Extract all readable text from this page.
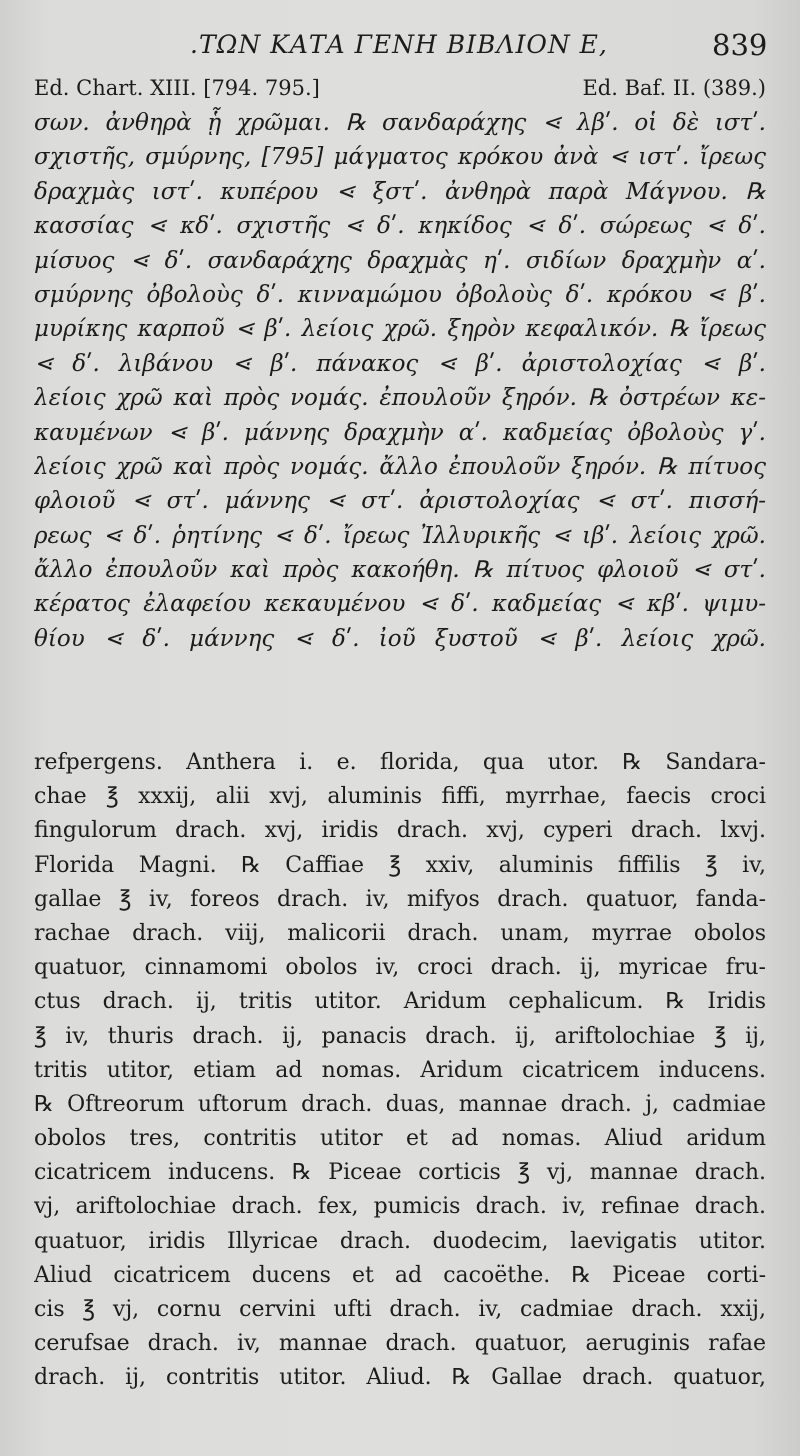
.ΤΩΝ ΚΑΤΑ ΓΕΝΗ ΒΙΒΛΙΟΝ Ε,	839
Ed. Chart. XIII. [794. 795.]	Ed. Baf. II. (389.)
σων. ἀνθηρὰ ᾗ χρῶμαι. ℞ σανδαράχης ⋖ λβʹ. οἱ δὲ ιστʹ.
σχιστῆς, σμύρνης, [795] μάγματος κρόκου ἀνὰ ⋖ ιστʹ. ἴρεως
δραχμὰς ιστʹ. κυπέρου ⋖ ξστʹ. ἀνθηρὰ παρὰ Μάγνου. ℞
κασσίας ⋖ κδʹ. σχιστῆς ⋖ δʹ. κηκίδος ⋖ δʹ. σώρεως ⋖ δʹ.
μίσυος ⋖ δʹ. σανδαράχης δραχμὰς ηʹ. σιδίων δραχμὴν αʹ.
σμύρνης ὀβολοὺς δʹ. κινναμώμου ὀβολοὺς δʹ. κρόκου ⋖ βʹ.
μυρίκης καρποῦ ⋖ βʹ. λείοις χρῶ. ξηρὸν κεφαλικόν. ℞ ἴρεως
⋖ δʹ. λιβάνου ⋖ βʹ. πάνακος ⋖ βʹ. ἀριστολοχίας ⋖ βʹ.
λείοις χρῶ καὶ πρὸς νομάς. ἐπουλοῦν ξηρόν. ℞ ὀστρέων κε-
καυμένων ⋖ βʹ. μάννης δραχμὴν αʹ. καδμείας ὀβολοὺς γʹ.
λείοις χρῶ καὶ πρὸς νομάς. ἄλλο ἐπουλοῦν ξηρόν. ℞ πίτυος
φλοιοῦ ⋖ στʹ. μάννης ⋖ στʹ. ἀριστολοχίας ⋖ στʹ. πισσή-
ρεως ⋖ δʹ. ῥητίνης ⋖ δʹ. ἴρεως Ἰλλυρικῆς ⋖ ιβʹ. λείοις χρῶ.
ἄλλο ἐπουλοῦν καὶ πρὸς κακοήθη. ℞ πίτυος φλοιοῦ ⋖ στʹ.
κέρατος ἐλαφείου κεκαυμένου ⋖ δʹ. καδμείας ⋖ κβʹ. ψιμυ-
θίου ⋖ δʹ. μάννης ⋖ δʹ. ἰοῦ ξυστοῦ ⋖ βʹ. λείοις χρῶ.
refpergens. Anthera i. e. florida, qua utor. ℞ Sandara-
chae ℥ xxxij, alii xvj, aluminis fiffi, myrrhae, faecis croci
fingulorum drach. xvj, iridis drach. xvj, cyperi drach. lxvj.
Florida Magni. ℞ Caffiae ℥ xxiv, aluminis fiffilis ℥ iv,
gallae ℥ iv, foreos drach. iv, mifyos drach. quatuor, fanda-
rachae drach. viij, malicorii drach. unam, myrrae obolos
quatuor, cinnamomi obolos iv, croci drach. ij, myricae fru-
ctus drach. ij, tritis utitor. Aridum cephalicum. ℞ Iridis
℥ iv, thuris drach. ij, panacis drach. ij, ariftolochiae ℥ ij,
tritis utitor, etiam ad nomas. Aridum cicatricem inducens.
℞ Oftreorum uftorum drach. duas, mannae drach. j, cadmiae
obolos tres, contritis utitor et ad nomas. Aliud aridum
cicatricem inducens. ℞ Piceae corticis ℥ vj, mannae drach.
vj, ariftolochiae drach. fex, pumicis drach. iv, refinae drach.
quatuor, iridis Illyricae drach. duodecim, laevigatis utitor.
Aliud cicatricem ducens et ad cacoëthe. ℞ Piceae corti-
cis ℥ vj, cornu cervini ufti drach. iv, cadmiae drach. xxij,
cerufsae drach. iv, mannae drach. quatuor, aeruginis rafae
drach. ij, contritis utitor. Aliud. ℞ Gallae drach. quatuor,
